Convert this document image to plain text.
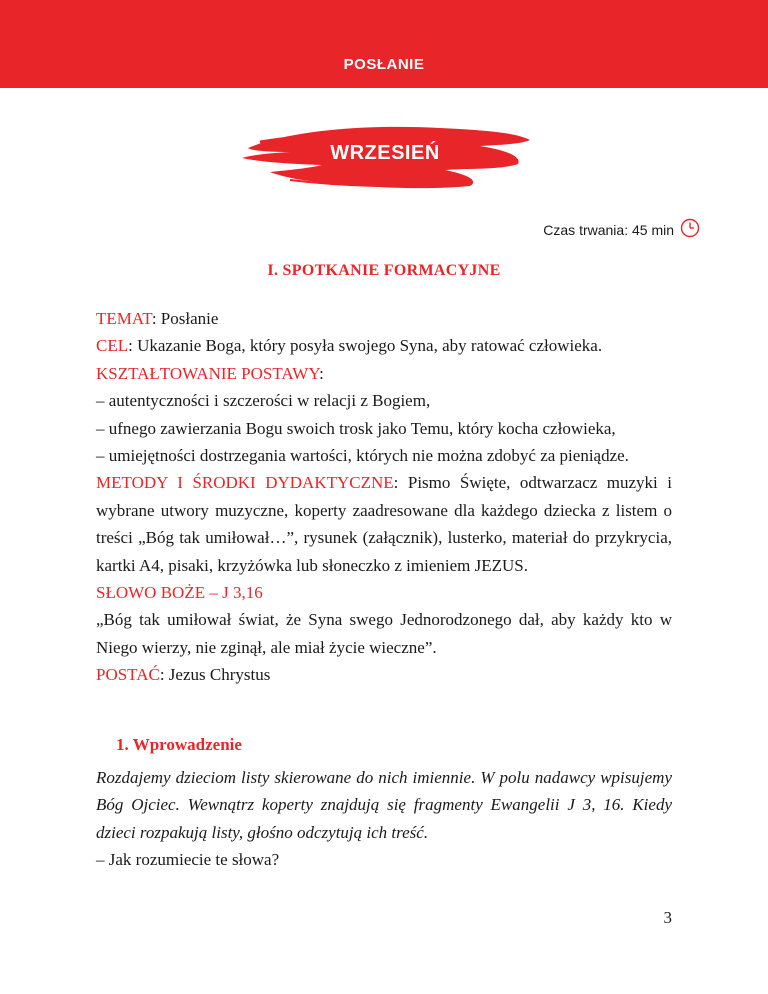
POSŁANIE
WRZESIEŃ
Czas trwania: 45 min
I. SPOTKANIE FORMACYJNE

TEMAT: Posłanie

CEL: Ukazanie Boga, który posyła swojego Syna, aby ratować człowieka.

KSZTAŁTOWANIE POSTAWY:

– autentyczności i szczerości w relacji z Bogiem,

– ufnego zawierzania Bogu swoich trosk jako Temu, który kocha człowieka,

– umiejętności dostrzegania wartości, których nie można zdobyć za pieniądze.

METODY I ŚRODKI DYDAKTYCZNE: Pismo Święte, odtwarzacz muzyki i wybrane utwory muzyczne, koperty zaadresowane dla każdego dziecka z listem o treści „Bóg tak umiłował…”, rysunek (załącznik), lusterko, materiał do przykrycia, kartki A4, pisaki, krzyżówka lub słoneczko z imieniem JEZUS.

SŁOWO BOŻE – J 3,16

„Bóg tak umiłował świat, że Syna swego Jednorodzonego dał, aby każdy kto w Niego wierzy, nie zginął, ale miał życie wieczne”.

POSTAĆ: Jezus Chrystus

1. Wprowadzenie

Rozdajemy dzieciom listy skierowane do nich imiennie. W polu nadawcy wpisujemy Bóg Ojciec. Wewnątrz koperty znajdują się fragmenty Ewangelii J 3, 16. Kiedy dzieci rozpakują listy, głośno odczytują ich treść.

– Jak rozumiecie te słowa?

3
